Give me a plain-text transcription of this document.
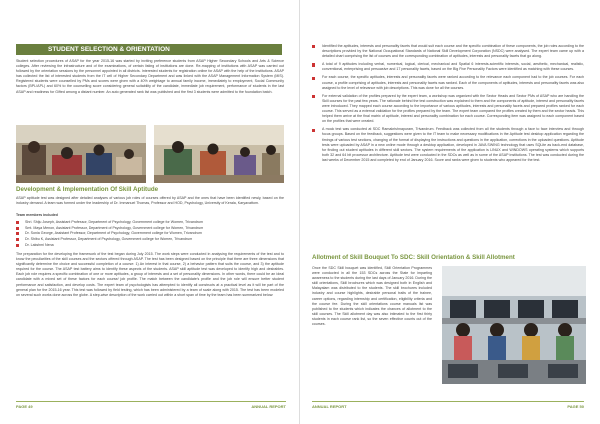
STUDENT SELECTION & ORIENTATION

Student selection procedures of ASAP for the year 2015-16 was started by inviting preference students from ASAP Higher Secondary Schools and Arts & Science colleges. After reviewing the infrastructure and of the examinations, of certain listing of institutions are done. Re-mapping of institutions with ASAP was carried out followed by the orientation sessions by the personnel appointed in all districts. Interested students for registration online for ASAP with the help of the institutions. ASAP has collected the list of interested students from the IT cell of Higher Secondary Department and was linked with the ASAP Management Information System (MIS). Registered students were counselled by PMs and scores were given with a 40% weightage to annual family income, immediately to employment, Social Community factors (BPL/APL) and 60% to the counselling score considering general suitability of the candidate, immediate job requirement, performance of students in the last ASAP and readiness for Gifted among a distant number. An auto generated rank list was published and the first 3 students were admitted to the foundation batch.

Development & Implementation Of Skill Aptitude

ASAP aptitude test was designed after detailed analyses of various job roles of courses offered by ASAP and the ones that have been identified newly, based on the industry demand. A team was formed under the leadership of Dr. Immanuel Thomas, Professor and HOD, Psychology, University of Kerala, Karyavattom.

Team members included
Shri. Shiju Joseph, Assistant Professor, Department of Psychology, Government college for Women, Trivandrum
Smt. Maya Menon, Assistant Professor, Department of Psychology, Government college for Women, Trivandrum
Dr. Sonia George, Assistant Professor, Department of Psychology, Government college for Women, Trivandrum
Dr. Shibu K, Assistant Professor, Department of Psychology, Government college for Women, Trivandrum
Dr. Lakshmi Nena

The preparation for the developing the framework of the test began during July 2015. The work steps were conducted in analysing the requirements of the test and to know the peculiarities of the skill courses and the sectors offered through ASAP. The test has been designed based on the principle that there are three dimensions that significantly determine the choice and successful completion of a course: 1) An interest in that course, 2) a behavior pattern that suits the course, and 3) the aptitude required for the course. The ASAP test battery aims to identify these aspects of the students. ASAP skill aptitude test was developed to identify high and desirables. Each job role requires a specific combination of one or more aptitudes, a group of interests and a set of personality dimensions. In other words, there could be an ideal candidate with a mixed set of these factors for each course/ job profile. The match between the candidate's profile and the job role will ensure better student performance and satisfaction, and develop costs. The expert team of psychologists has attempted to identify all constructs at a practical level as it will be part of the general plan for the 2015-16 year. This test was followed by field testing, which has been administered by a team of scale along with 2015. The test has been modeled on several such works done across the globe. A step-wise description of the work carried out within a short span of time by the team has been summarized below:

PAGE 49	ANNUAL REPORT
Identified the aptitudes, interests and personality facets that would suit each course and the specific combination of these components, the job roles according to the descriptions provided by the National Occupational Standards of National Skill Development Corporation (NSDC) were analysed. The expert team came up with a detailed chart comprising the list of courses and the corresponding combination of aptitudes, interests and personality facets that go along.
A total of 9 aptitudes including verbal, numerical, logical, clerical, mechanical and Spatial 6 interests-scientific interests, social, aesthetic, mechanical, realistic, conventional, enterprising and persuasive and 17 personality facets, based on the Big Five Personality Factors were identified as matching with these courses.
For each course, the specific aptitudes, interests and personality facets were ranked according to the relevance each component had to the job courses. For each course, a profile comprising of aptitudes, interests and personality facets was ranked. Each of the components of aptitudes, interests and personality facets was also assigned to the level of relevance with job descriptions. This was done for all the courses.
For external validation of the profiles prepared by the expert team, a workshop was organized with the Sector Heads and Sector PMs of ASAP who are handling the Skill courses for the past few years. The rationale behind the test construction was explained to them and the components of aptitude, interest and personality facets were introduced. They mapped each course according to the importance of various aptitudes, interests and personality facets and prepared profiles ranked for each course. This served as a external validation for the profiles prepared by the team. The expert team compared the profiles created by them and the sector heads. This helped them arrive at the final matrix of aptitude, interest and personality combination for each course. Corresponding item was assigned to each component based on the profiles that were created.
A mock test was conducted at SDC Ramakrishnapuram, Trivandrum. Feedback was collected from all the students through a face to face interview and through focus groups. Based on the feedback, suggestions were given to the IT team to make necessary modifications in the Aptitude test desktop application regarding the timings of various test sections, changing of the format of displaying the instructions and questions in the application, corrections in the uploaded questions. Aptitude tests were uploaded by ASAP in a new online mode through a desktop application, developed in JAVA SWING technology that uses SQLite as back-end database, for finding out student aptitudes in different skill sectors. The system requirements of the application is LINUX and WINDOWS operating systems which supports both 32 and 64 bit processor architecture. Aptitude test were conducted in the SDCs as well as in some of the ASAP institutions. The test was conducted during the last weeks of December 2015 and completed by end of January 2016. Score and ranks were given to students who appeared for the test.
Allotment of Skill Bouquet To SDC: Skill Orientation & Skill Allotment

Once the SDC Skill bouquet was identified, Skill Orientation Programmes were conducted in all the 153 SDCs across the State for imparting awareness to the students during the last days of January 2016. During the skill orientations, Skill brochures which was designed both in English and Malayalam was distributed to the students. The skill brochures included industry and course highlights, desirable personal traits of the trainee, career options, regarding internship and certification, eligibility criteria and the course fee. During the skill orientations course manuals list was published to the students which indicates the chances of allotment to the skill courses. The Skill allotment day was also intimated to the first thirty students in each course rank list, so the seven effective counts out of the courses.

ANNUAL REPORT	PAGE 50
